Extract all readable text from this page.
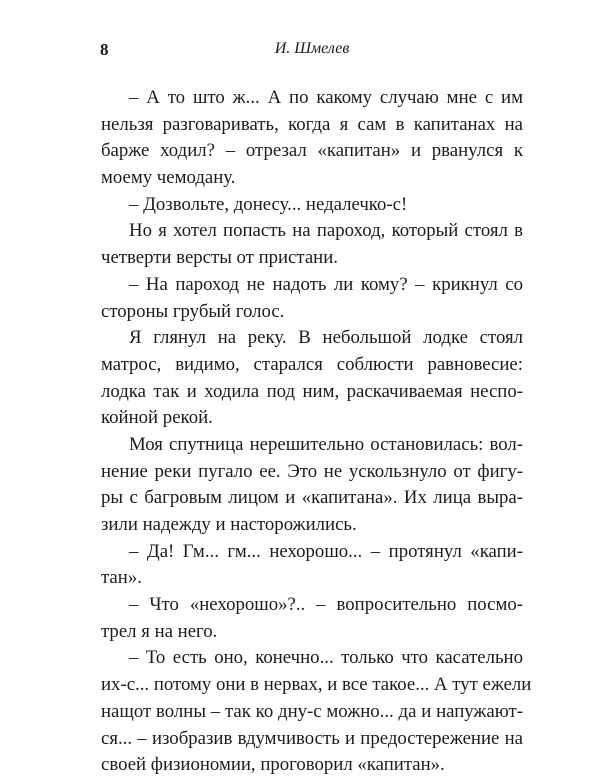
8	И. Шмелев
– А то што ж... А по какому случаю мне с им
нельзя разговаривать, когда я сам в капитанах на
барже ходил? – отрезал «капитан» и рванулся к
моему чемодану.
– Дозвольте, донесу... недалечко-с!
Но я хотел попасть на пароход, который стоял в
четверти версты от пристани.
– На пароход не надоть ли кому? – крикнул со
стороны грубый голос.
Я глянул на реку. В небольшой лодке стоял
матрос, видимо, старался соблюсти равновесие:
лодка так и ходила под ним, раскачиваемая неспо-
койной рекой.
Моя спутница нерешительно остановилась: вол-
нение реки пугало ее. Это не ускользнуло от фигу-
ры с багровым лицом и «капитана». Их лица выра-
зили надежду и насторожились.
– Да! Гм... гм... нехорошо... – протянул «капи-
тан».
– Что «нехорошо»?.. – вопросительно посмо-
трел я на него.
– То есть оно, конечно... только что касательно
их-с... потому они в нервах, и все такое... А тут ежели
нащот волны – так ко дну-с можно... да и напужают-
ся... – изобразив вдумчивость и предостережение на
своей физиономии, проговорил «капитан».
